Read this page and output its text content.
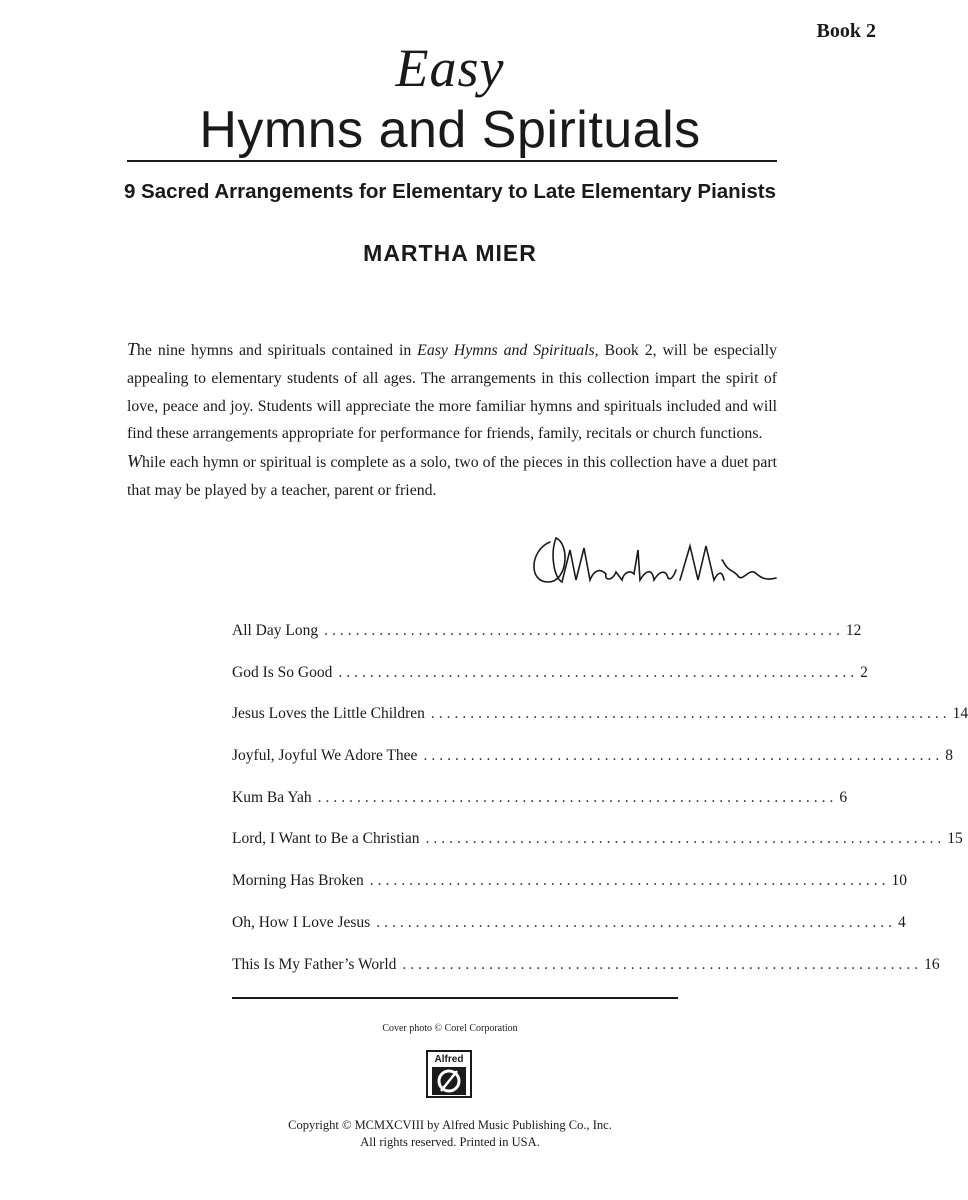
Book 2
Easy
Hymns and Spirituals
9 Sacred Arrangements for Elementary to Late Elementary Pianists
MARTHA MIER

The nine hymns and spirituals contained in Easy Hymns and Spirituals, Book 2, will be especially appealing to elementary students of all ages. The arrangements in this collection impart the spirit of love, peace and joy. Students will appreciate the more familiar hymns and spirituals included and will find these arrangements appropriate for performance for friends, family, recitals or church functions.

While each hymn or spiritual is complete as a solo, two of the pieces in this collection have a duet part that may be played by a teacher, parent or friend.

All Day Long .................................................................. 12
God Is So Good .................................................................. 2
Jesus Loves the Little Children .................................................................. 14
Joyful, Joyful We Adore Thee .................................................................. 8
Kum Ba Yah .................................................................. 6
Lord, I Want to Be a Christian .................................................................. 15
Morning Has Broken .................................................................. 10
Oh, How I Love Jesus .................................................................. 4
This Is My Father’s World .................................................................. 16
Cover photo © Corel Corporation
Alfred
Copyright © MCMXCVIII by Alfred Music Publishing Co., Inc.
All rights reserved. Printed in USA.
